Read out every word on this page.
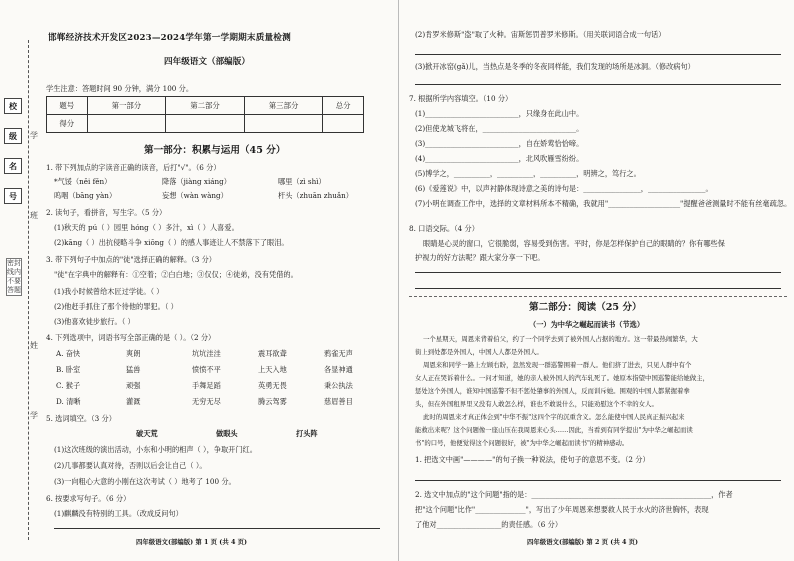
校
级
名
号
密封线内不要答题
学
班
姓
学
邯郸经济技术开发区2023—2024学年第一学期期末质量检测
四年级语文（部编版）
学生注意：答题时间 90 分钟，满分 100 分。
题号	第一部分	第二部分	第三部分	总分
得分				
第一部分：积累与运用（45 分）
1. 带下列加点的字读音正确的读音，后打"√"。（6 分）
*气馁（něi fěn）	降落（jiàng xiáng）	哪里（zì shì）
呜咽（bāng yàn）	妄想（wàn wàng）	杆头（zhuān zhuǎn）
2. 读句子，看拼音，写生字。（5 分）
(1)秋天的 pú（ ）园里 hóng（ ）多汁，xì（ ）人喜爱。
(2)kāng（ ）出抗侵略斗争 xiōng（ ）的感人事迹让人不禁落下了眼泪。
3. 带下列句子中加点的"徒"选择正确的解释。（3 分）
"徒"在字典中的解释有：①空着；②白白地；③仅仅；④徒弟，没有凭借的。
(1)我小时候曾给木匠过学徒。（ ）
(2)他赶手抓住了那个待他的罪犯。（ ）
(3)他喜欢徒步旅行。（ ）
4. 下列选项中，词语书写全部正确的是（ ）。（2 分）
A. 奋快	爽朗	坑坑洼洼	震耳欲聋	鸦雀无声
B. 卧室	猛兽	愤愤不平	上天入地	各显神通
C. 猴子	顽强	手舞足蹈	英勇无畏	秉公执法
D. 清晰	灌溉	无穷无尽	腾云驾雾	慈眉善目
5. 选词填空。（3 分）
破天荒	做眼头	打头阵
(1)这次班级的演出活动，小东和小明的相声（ ），争取开门红。
(2)几事都要认真对待，否则以后会让自己（ ）。
(3)一向粗心大意的小刚在这次考试（ ）地考了 100 分。
6. 按要求写句子。（6 分）
(1)麒麟没有特别的工具。（改成反问句）
四年级语文(部编版) 第 1 页 (共 4 页)
(2)肯罗米修斯"盗"取了火种。宙斯惩罚普罗米修斯。（用关联词语合成一句话）
(3)掀开冰窑(gǎ)儿，当热点是冬季的冬夜同样能，我们发现的场所是冰洞。（修改病句）
7. 根据所学内容填空。（10 分）
(1)__________________________，只缘身在此山中。
(2)但使龙城飞将在，__________________________。
(3)__________________________，自在娇莺恰恰啼。
(4)__________________________，北风吹雁雪纷纷。
(5)博学之，__________，__________，__________，明辨之，笃行之。
(6)《爱莲说》中，以声衬静体现诗意之美的诗句是：________________，________________。
(7)小明在调查工作中，选择的文章材料所本不精确，我就用"____________________"提醒爸爸测量时不能有丝毫疏忽。
8. 口语交际。（4 分）
眼睛是心灵的窗口，它很脆弱，容易受到伤害。平时，你是怎样保护自己的眼睛的？你有哪些保
护视力的好方法呢？跟大家分享一下吧。
第二部分：阅读（25 分）
（一）为中华之崛起而读书（节选）
一个星期天，周恩来背着伯父，约了一个同学去到了被外国人占据的地方。这一带最热闹繁华，大
街上到处都是外国人，中国人人都是外国人。
周恩来和同学一路上左顾右盼，忽然发现一群巡警围着一群人。他们挤了进去，只见人群中有个
女人正在哭诉着什么。一问才知道，她的亲人被外国人的汽车轧死了。她原本指望中国巡警能给她做主，
惩处这个外国人，谁知中国巡警不但不惩处肇事的外国人，反而训斥她。围观的中国人都紧握着拳
头，但在外国租界里又没有人敢怎么样，谁也不敢说什么，只能劝慰这个不幸的女人。
此时的周恩来才真正体会到"中华不振"这四个字的沉重含义。怎么能使中国人民真正振兴起来
能救出来呢？这个问题像一座山压在我周恩来心头……因此，当看到有同学提出"为中华之崛起而读
书"的口号，他便觉得这个问题很好，被"为中华之崛起而读书"的精神感动。
1. 把选文中画"————"的句子换一种说法，使句子的意思不变。（2 分）
2. 选文中加点的"这个问题"指的是：__________________________________________________，作者
把"这个问题"比作"______________"，写出了少年周恩来想要救人民于水火的济世胸怀，表现
了他对__________________的责任感。（6 分）
四年级语文(部编版) 第 2 页 (共 4 页)
